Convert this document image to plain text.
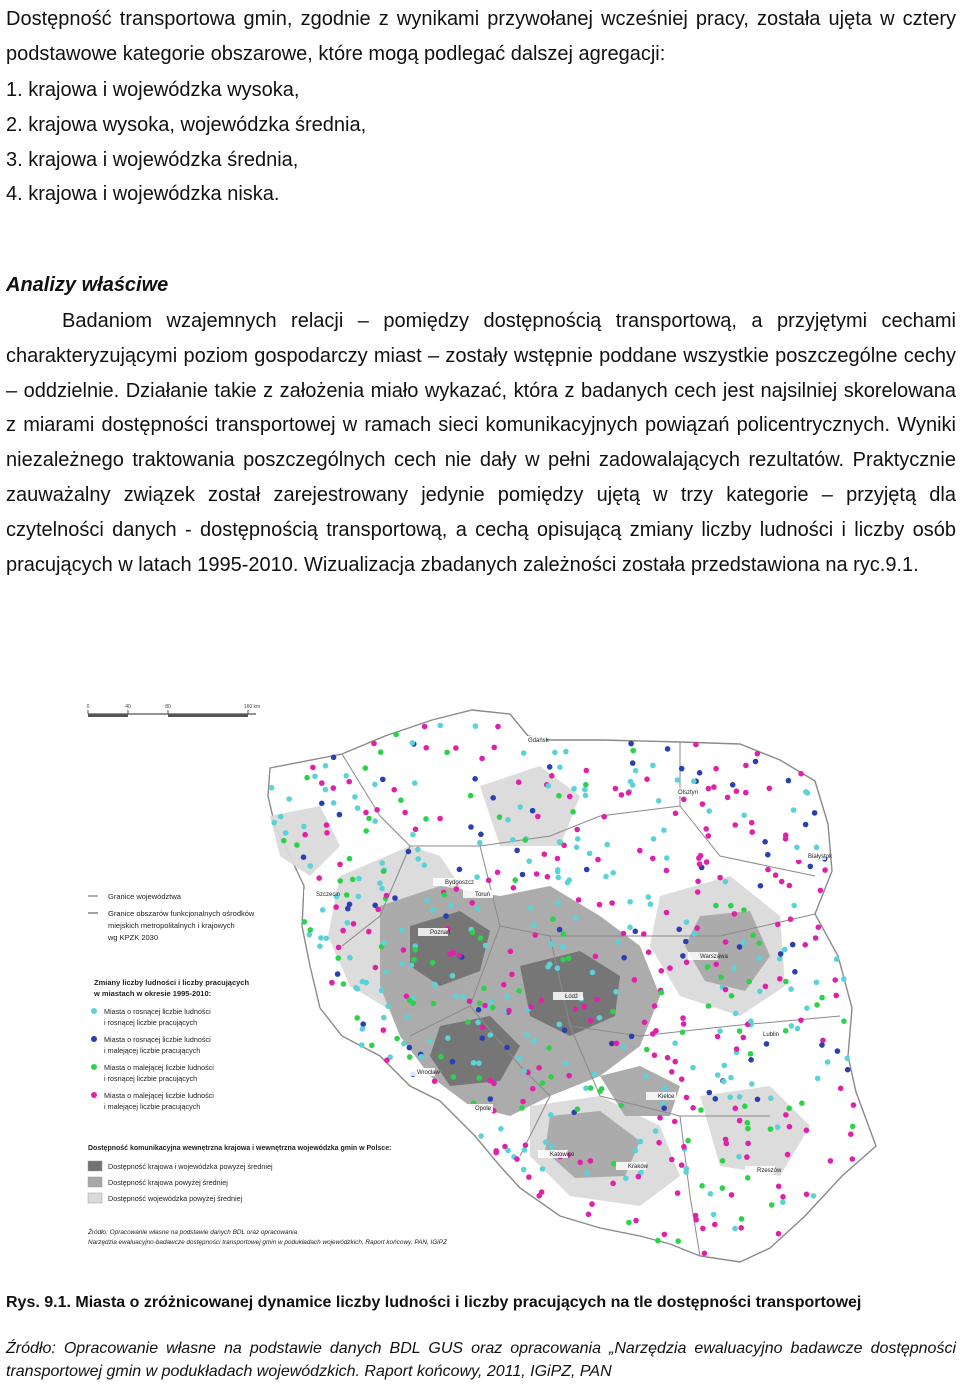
Dostępność transportowa gmin, zgodnie z wynikami przywołanej wcześniej pracy, została ujęta w cztery podstawowe kategorie obszarowe, które mogą podlegać dalszej agregacji:

1. krajowa i wojewódzka wysoka,
2. krajowa wysoka, wojewódzka średnia,
3. krajowa i wojewódzka średnia,
4. krajowa i wojewódzka niska.
Analizy właściwe

Badaniom wzajemnych relacji – pomiędzy dostępnością transportową, a przyjętymi cechami charakteryzującymi poziom gospodarczy miast – zostały wstępnie poddane wszystkie poszczególne cechy – oddzielnie. Działanie takie z założenia miało wykazać, która z badanych cech jest najsilniej skorelowana z miarami dostępności transportowej w ramach sieci komunikacyjnych powiązań policentrycznych. Wyniki niezależnego traktowania poszczególnych cech nie dały w pełni zadowalających rezultatów. Praktycznie zauważalny związek został zarejestrowany jedynie pomiędzy ujętą w trzy kategorie – przyjętą dla czytelności danych - dostępnością transportową, a cechą opisującą zmiany liczby ludności i liczby osób pracujących w latach 1995-2010. Wizualizacja zbadanych zależności została przedstawiona na ryc.9.1.

0	40	80	160 km
Gdańsk
Olsztyn
Białystok
Szczecin
Bydgoszcz
Toruń
Poznań
Warszawa
Łódź
Lublin
Wrocław
Opole
Katowice
Kraków
Rzeszów
Kielce
Granice województwa
Granice obszarów funkcjonalnych ośrodków
miejskich metropolitalnych i krajowych
wg KPZK 2030
Zmiany liczby ludności i liczby pracujących
w miastach w okresie 1995-2010:
Miasta o rosnącej liczbie ludności
i rosnącej liczbie pracujących
Miasta o rosnącej liczbie ludności
i malejącej liczbie pracujących
Miasta o malejącej liczbie ludności
i rosnącej liczbie pracujących
Miasta o malejącej liczbie ludności
i malejącej liczbie pracujących
Dostępność komunikacyjna wewnętrzna krajowa i wewnętrzna wojewódzka gmin w Polsce:
Dostępność krajowa i wojewódzka powyżej średniej
Dostępność krajowa powyżej średniej
Dostępność wojewódzka powyżej średniej
Źródło: Opracowanie własne na podstawie danych BDL oraz opracowania
Narzędzia ewaluacyjno-badawcze dostępności transportowej gmin w podukładach wojewódzkich, Raport końcowy, PAN, IGiPZ

Rys. 9.1. Miasta o zróżnicowanej dynamice liczby ludności i liczby pracujących na tle dostępności transportowej

Źródło: Opracowanie własne na podstawie danych BDL GUS oraz opracowania „Narzędzia ewaluacyjno badawcze dostępności transportowej gmin w podukładach wojewódzkich. Raport końcowy, 2011, IGiPZ, PAN
